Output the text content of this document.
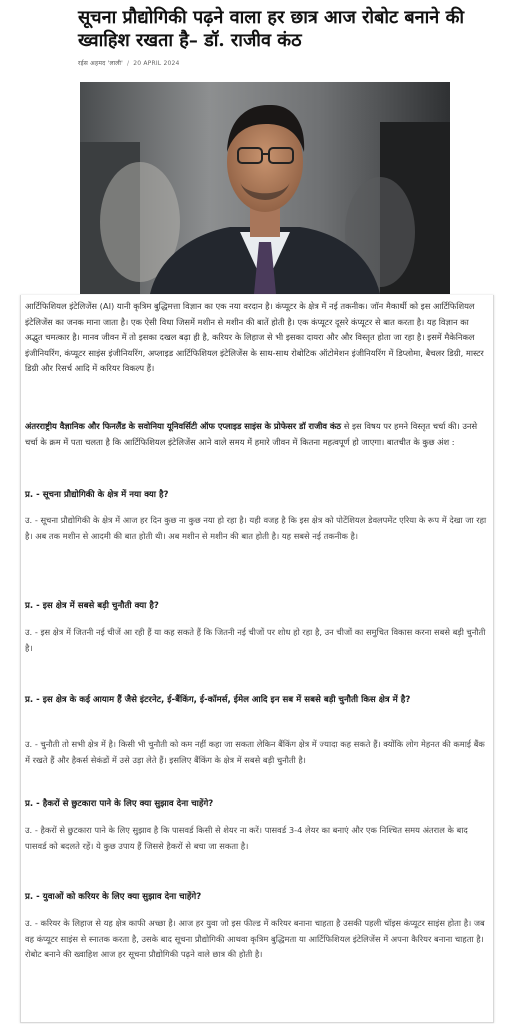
सूचना प्रौद्योगिकी पढ़ने वाला हर छात्र आज रोबोट बनाने की ख्वाहिश रखता है– डॉ. राजीव कंठ
रईस अहमद 'लाली' / 20 APRIL 2024

आर्टिफिशियल इंटेलिजेंस (AI) यानी कृत्रिम बुद्धिमत्ता विज्ञान का एक नया वरदान है। कंप्यूटर के क्षेत्र में नई तकनीक। जॉन मैकार्थी को इस आर्टिफिशियल इंटेलिजेंस का जनक माना जाता है। एक ऐसी विधा जिसमें मशीन से मशीन की बातें होती है। एक कंप्यूटर दूसरे कंप्यूटर से बात करता है। यह विज्ञान का अद्भुत चमत्कार है। मानव जीवन में तो इसका दखल बढ़ा ही है, करियर के लिहाज से भी इसका दायरा और और विस्तृत होता जा रहा है। इसमें मैकेनिकल इंजीनियरिंग, कंप्यूटर साइंस इंजीनियरिंग, अप्लाइड आर्टिफिशियल इंटेलिजेंस के साथ-साथ रोबोटिक ऑटोमेशन इंजीनियरिंग में डिप्लोमा, बैचलर डिग्री, मास्टर डिग्री और रिसर्च आदि में करियर विकल्प हैं।

अंतरराष्ट्रीय वैज्ञानिक और फिनलैंड के सवोनिया यूनिवर्सिटी ऑफ एप्लाइड साइंस के प्रोफेसर डॉ राजीव कंठ से इस विषय पर हमने विस्तृत चर्चा की। उनसे चर्चा के क्रम में पता चलता है कि आर्टिफिशियल इंटेलिजेंस आने वाले समय में हमारे जीवन में कितना महत्वपूर्ण हो जाएगा। बातचीत के कुछ अंश :

प्र. - सूचना प्रौद्योगिकी के क्षेत्र में नया क्या है?

उ. - सूचना प्रौद्योगिकी के क्षेत्र में आज हर दिन कुछ ना कुछ नया हो रहा है। यही वजह है कि इस क्षेत्र को पोटेंशियल डेवलपमेंट एरिया के रूप में देखा जा रहा है। अब तक मशीन से आदमी की बात होती थी। अब मशीन से मशीन की बात होती है। यह सबसे नई तकनीक है।

प्र. - इस क्षेत्र में सबसे बड़ी चुनौती क्या है?

उ. - इस क्षेत्र में जितनी नई चीजें आ रही हैं या कह सकते हैं कि जितनी नई चीजों पर शोध हो रहा है, उन चीजों का समुचित विकास करना सबसे बड़ी चुनौती है।

प्र. - इस क्षेत्र के कई आयाम हैं जैसे इंटरनेट, ई-बैंकिंग, ई-कॉमर्स, ईमेल आदि इन सब में सबसे बड़ी चुनौती किस क्षेत्र में है?

उ. - चुनौती तो सभी क्षेत्र में है। किसी भी चुनौती को कम नहीं कहा जा सकता लेकिन बैंकिंग क्षेत्र में ज्यादा कह सकते हैं। क्योंकि लोग मेहनत की कमाई बैंक में रखते हैं और हैकर्स सेकंडों में उसे उड़ा लेते हैं। इसलिए बैंकिंग के क्षेत्र में सबसे बड़ी चुनौती है।

प्र. - हैकरों से छुटकारा पाने के लिए क्या सुझाव देना चाहेंगे?

उ. - हैकरों से छुटकारा पाने के लिए सुझाव है कि पासवर्ड किसी से शेयर ना करें। पासवर्ड 3-4 लेयर का बनाएं और एक निश्चित समय अंतराल के बाद पासवर्ड को बदलते रहें। ये कुछ उपाय हैं जिससे हैकरों से बचा जा सकता है।

प्र. - युवाओं को करियर के लिए क्या सुझाव देना चाहेंगे?

उ. - करियर के लिहाज से यह क्षेत्र काफी अच्छा है। आज हर युवा जो इस फील्ड में करियर बनाना चाहता है उसकी पहली चॉइस कंप्यूटर साइंस होता है। जब वह कंप्यूटर साइंस से स्नातक करता है, उसके बाद सूचना प्रौद्योगिकी आथवा कृत्रिम बुद्धिमता या आर्टिफिशियल इंटेलिजेंस में अपना कैरियर बनाना चाहता है। रोबोट बनाने की ख्वाहिश आज हर सूचना प्रौद्योगिकी पढ़ने वाले छात्र की होती है।
